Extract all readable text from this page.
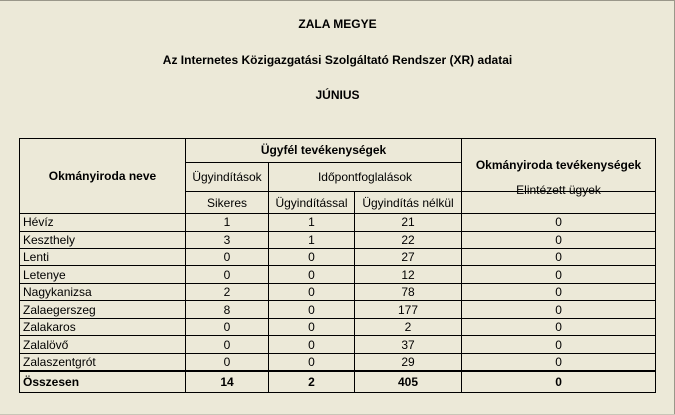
ZALA MEGYE
Az Internetes Közigazgatási Szolgáltató Rendszer (XR) adatai
JÚNIUS
Okmányiroda neve	Ügyfél tevékenységek			Okmányiroda tevékenységek
	Ügyindítások	Időpontfoglalások		
	Sikeres	Ügyindítással	Ügyindítás nélkül	Elintézett ügyek
Hévíz	1	1	21	0
Keszthely	3	1	22	0
Lenti	0	0	27	0
Letenye	0	0	12	0
Nagykanizsa	2	0	78	0
Zalaegerszeg	8	0	177	0
Zalakaros	0	0	2	0
Zalalövő	0	0	37	0
Zalaszentgrót	0	0	29	0
Összesen	14	2	405	0
